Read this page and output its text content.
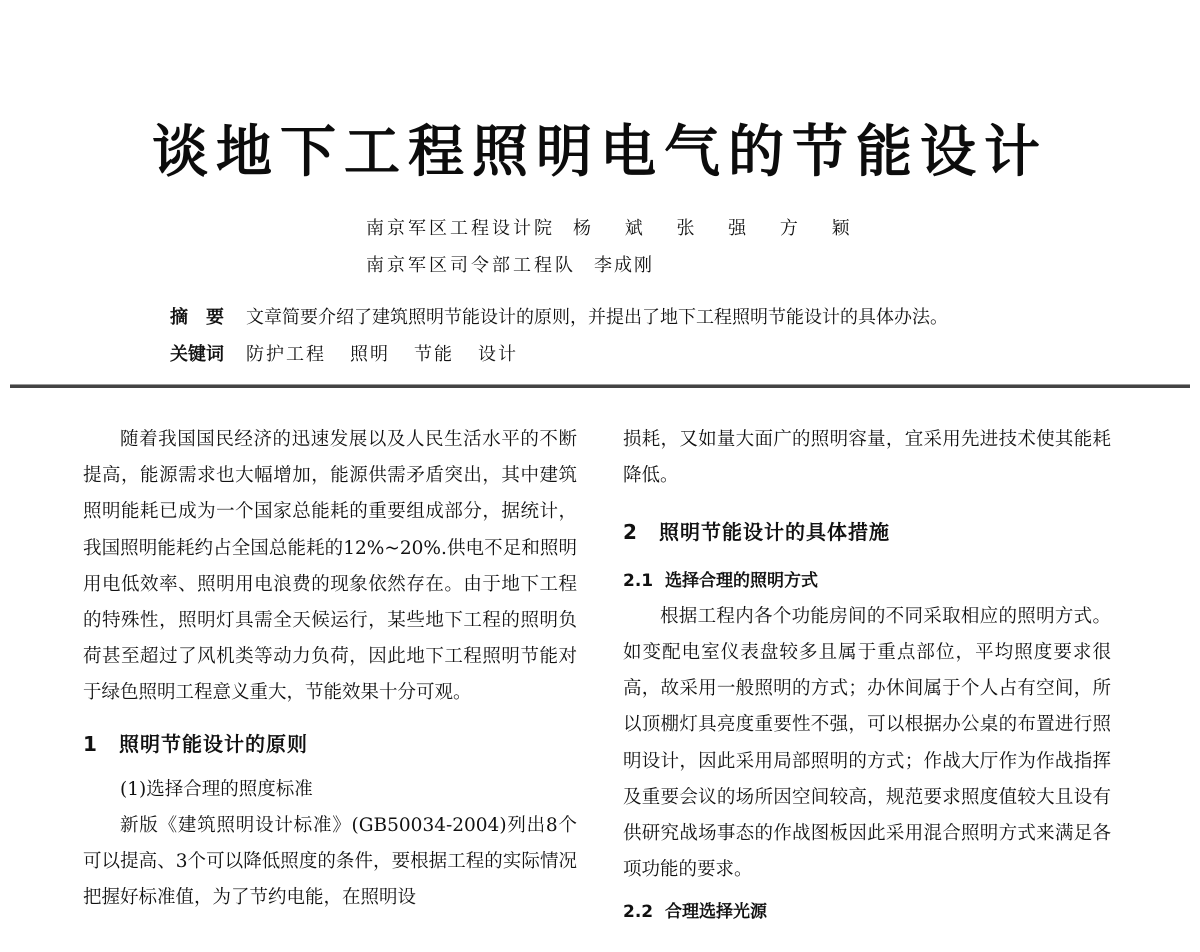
谈地下工程照明电气的节能设计
南京军区工程设计院 杨 斌 张 强 方 颖
南京军区司令部工程队 李成刚
摘　要 文章简要介绍了建筑照明节能设计的原则，并提出了地下工程照明节能设计的具体办法。
关键词 防护工程 照明 节能 设计

随着我国国民经济的迅速发展以及人民生活水平的不断提高，能源需求也大幅增加，能源供需矛盾突出，其中建筑照明能耗已成为一个国家总能耗的重要组成部分，据统计，我国照明能耗约占全国总能耗的12%~20%.供电不足和照明用电低效率、照明用电浪费的现象依然存在。由于地下工程的特殊性，照明灯具需全天候运行，某些地下工程的照明负荷甚至超过了风机类等动力负荷，因此地下工程照明节能对于绿色照明工程意义重大，节能效果十分可观。

1 照明节能设计的原则

(1)选择合理的照度标准

新版《建筑照明设计标准》(GB50034-2004)列出8个可以提高、3个可以降低照度的条件，要根据工程的实际情况把握好标准值，为了节约电能，在照明设

损耗，又如量大面广的照明容量，宜采用先进技术使其能耗降低。

2 照明节能设计的具体措施
2.1 选择合理的照明方式

根据工程内各个功能房间的不同采取相应的照明方式。如变配电室仪表盘较多且属于重点部位，平均照度要求很高，故采用一般照明的方式；办休间属于个人占有空间，所以顶棚灯具亮度重要性不强，可以根据办公桌的布置进行照明设计，因此采用局部照明的方式；作战大厅作为作战指挥及重要会议的场所因空间较高，规范要求照度值较大且设有供研究战场事态的作战图板因此采用混合照明方式来满足各项功能的要求。

2.2 合理选择光源
